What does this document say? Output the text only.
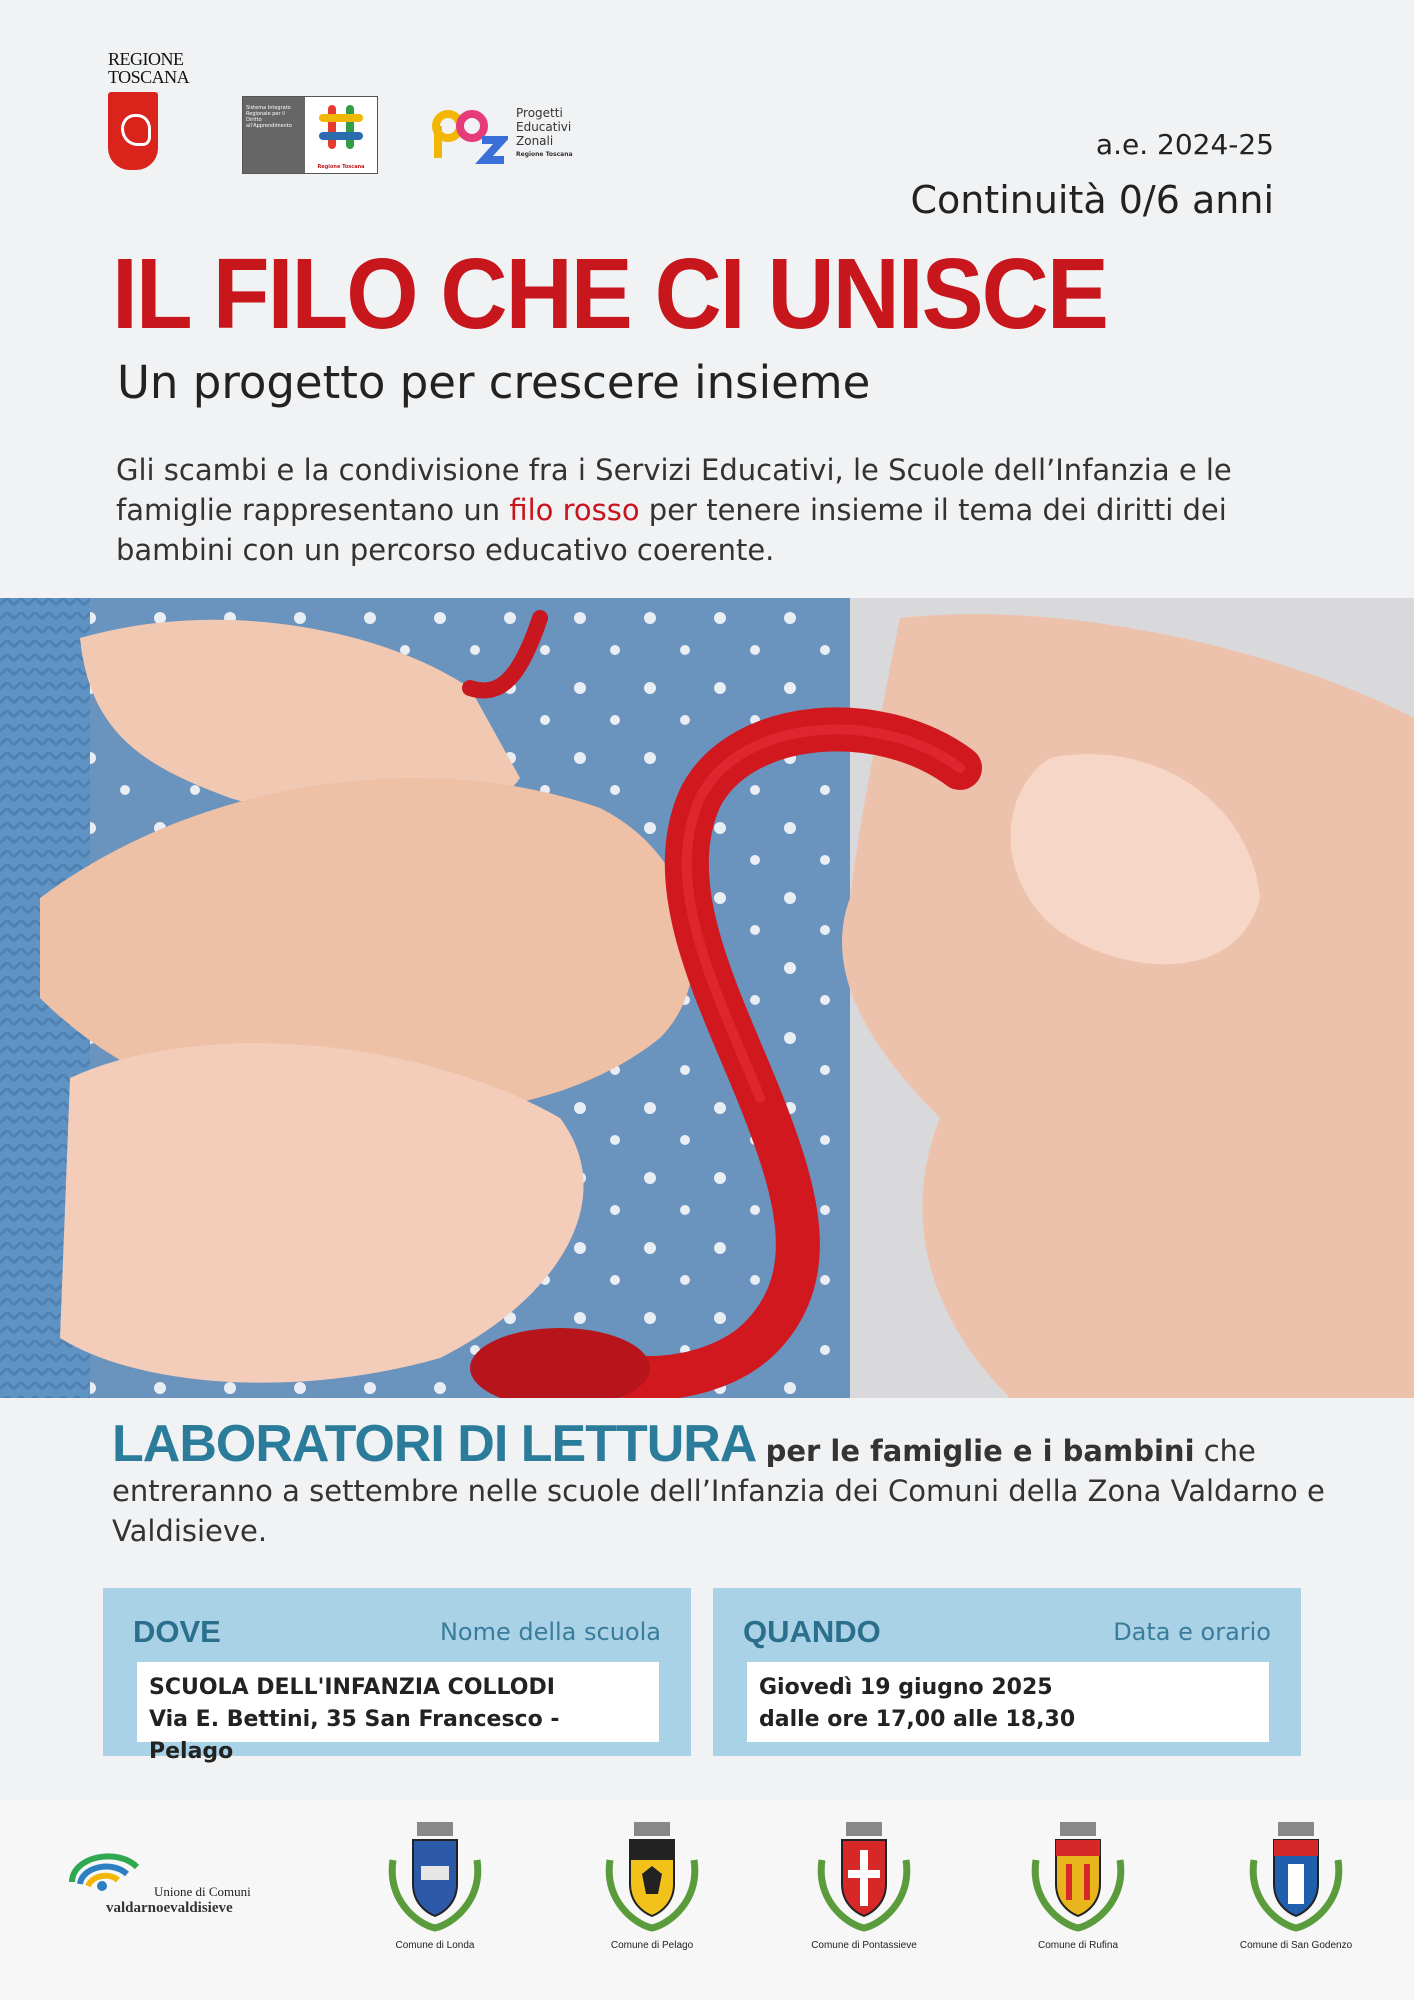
REGIONE
TOSCANA
Sistema Integrato Regionale per il Diritto all'Apprendimento
Regione Toscana
Progetti
Educativi
Zonali
Regione Toscana	a.e. 2024-25
Continuità 0/6 anni
IL FILO CHE CI UNISCE
Un progetto per crescere insieme

Gli scambi e la condivisione fra i Servizi Educativi, le Scuole dell’Infanzia e le famiglie rappresentano un filo rosso per tenere insieme il tema dei diritti dei bambini con un percorso educativo coerente.

LABORATORI DI LETTURA per le famiglie e i bambini che entreranno a settembre nelle scuole dell’Infanzia dei Comuni della Zona Valdarno e Valdisieve.

DOVE	Nome della scuola
SCUOLA DELL'INFANZIA COLLODI
Via E. Bettini, 35 San Francesco - Pelago
QUANDO	Data e orario
Giovedì 19 giugno 2025
dalle ore 17,00 alle 18,30
Unione di Comuni
valdarnoevaldisieve
Comune di Londa	Comune di Pelago	Comune di Pontassieve	Comune di Rufina	Comune di San Godenzo
